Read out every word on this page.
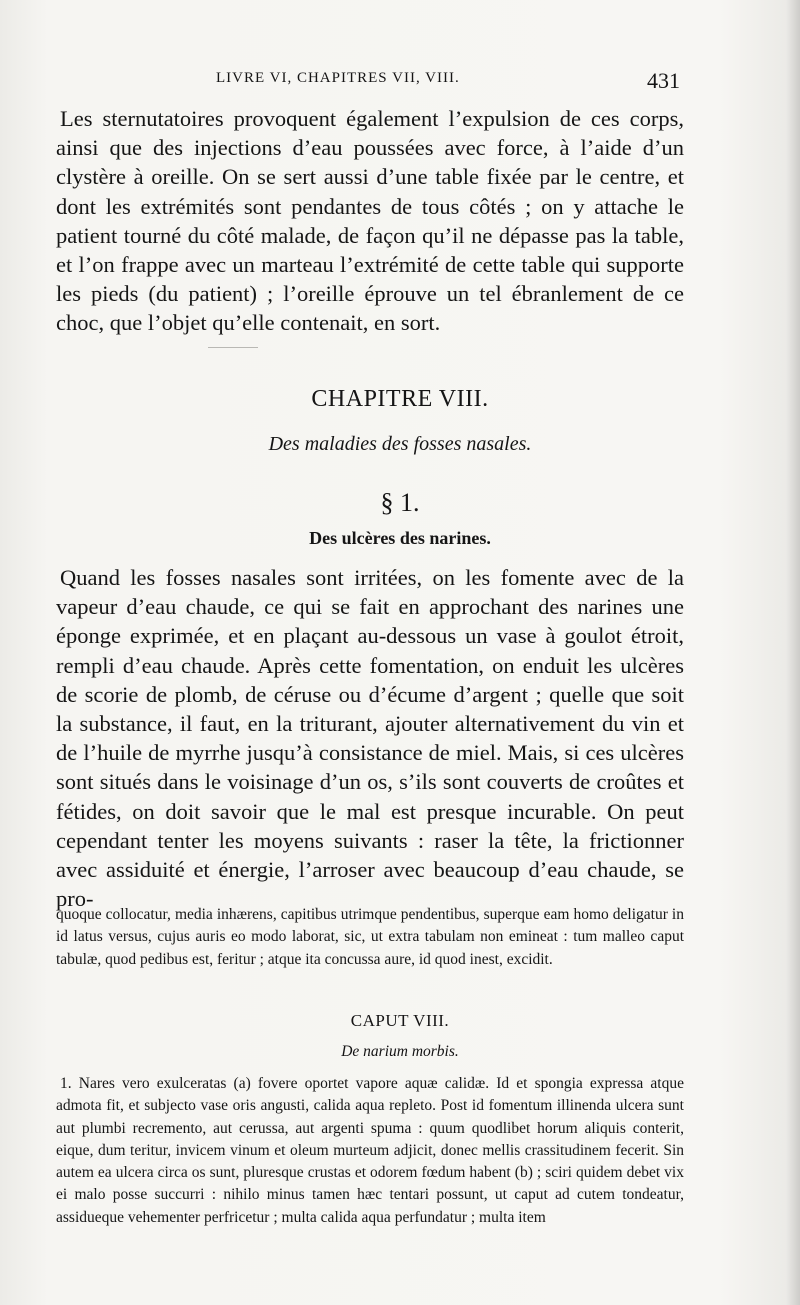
LIVRE VI, CHAPITRES VII, VIII.	431

Les sternutatoires provoquent également l’expulsion de ces corps, ainsi que des injections d’eau poussées avec force, à l’aide d’un clystère à oreille. On se sert aussi d’une table fixée par le centre, et dont les extrémités sont pendantes de tous côtés ; on y attache le patient tourné du côté malade, de façon qu’il ne dépasse pas la table, et l’on frappe avec un marteau l’extrémité de cette table qui supporte les pieds (du patient) ; l’oreille éprouve un tel ébranlement de ce choc, que l’objet qu’elle contenait, en sort.

CHAPITRE VIII.
Des maladies des fosses nasales.
§ 1.
Des ulcères des narines.

Quand les fosses nasales sont irritées, on les fomente avec de la vapeur d’eau chaude, ce qui se fait en approchant des narines une éponge exprimée, et en plaçant au-dessous un vase à goulot étroit, rempli d’eau chaude. Après cette fomentation, on enduit les ulcères de scorie de plomb, de céruse ou d’écume d’argent ; quelle que soit la substance, il faut, en la triturant, ajouter alternativement du vin et de l’huile de myrrhe jusqu’à consistance de miel. Mais, si ces ulcères sont situés dans le voisinage d’un os, s’ils sont couverts de croûtes et fétides, on doit savoir que le mal est presque incurable. On peut cependant tenter les moyens suivants : raser la tête, la frictionner avec assiduité et énergie, l’arroser avec beaucoup d’eau chaude, se pro-

quoque collocatur, media inhærens, capitibus utrimque pendentibus, superque eam homo deligatur in id latus versus, cujus auris eo modo laborat, sic, ut extra tabulam non emineat : tum malleo caput tabulæ, quod pedibus est, feritur ; atque ita concussa aure, id quod inest, excidit.

CAPUT VIII.
De narium morbis.

1. Nares vero exulceratas (a) fovere oportet vapore aquæ calidæ. Id et spongia expressa atque admota fit, et subjecto vase oris angusti, calida aqua repleto. Post id fomentum illinenda ulcera sunt aut plumbi recremento, aut cerussa, aut argenti spuma : quum quodlibet horum aliquis conterit, eique, dum teritur, invicem vinum et oleum murteum adjicit, donec mellis crassitudinem fecerit. Sin autem ea ulcera circa os sunt, pluresque crustas et odorem fœdum habent (b) ; sciri quidem debet vix ei malo posse succurri : nihilo minus tamen hæc tentari possunt, ut caput ad cutem tondeatur, assidueque vehementer perfricetur ; multa calida aqua perfundatur ; multa item
